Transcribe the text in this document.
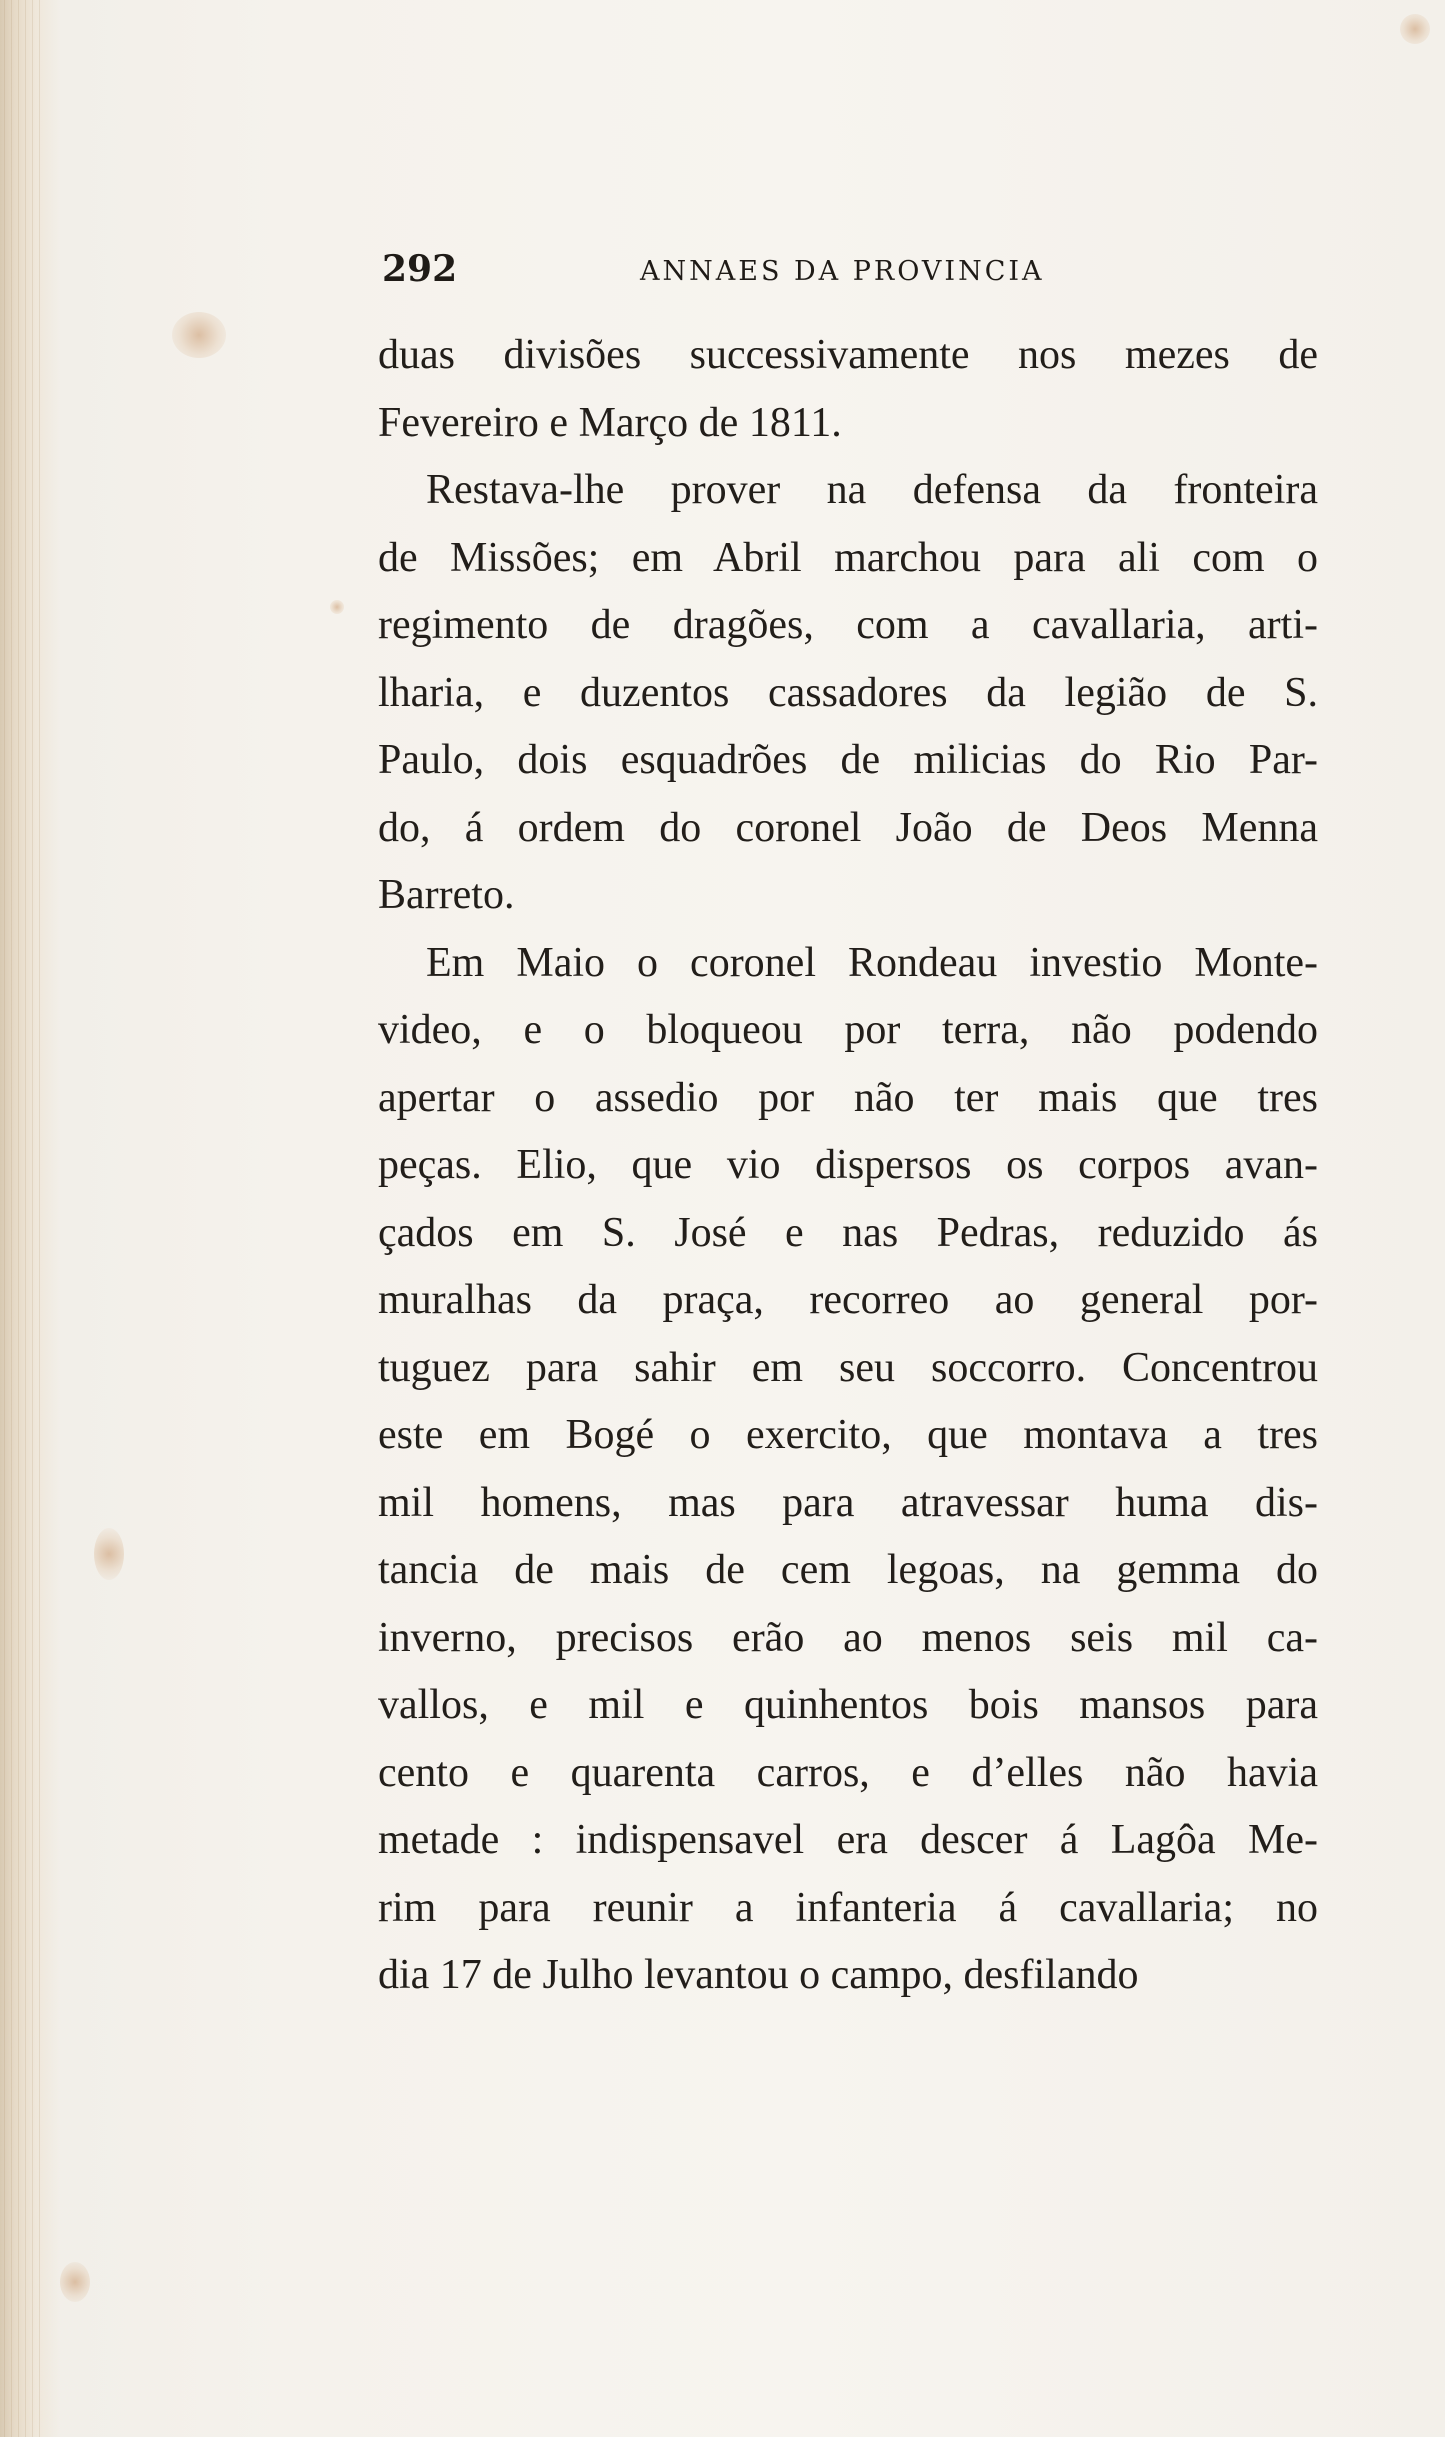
292	ANNAES DA PROVINCIA
duas divisões successivamente nos mezes de
Fevereiro e Março de 1811.
Restava-lhe prover na defensa da fronteira
de Missões; em Abril marchou para ali com o
regimento de dragões, com a cavallaria, arti-
lharia, e duzentos cassadores da legião de S.
Paulo, dois esquadrões de milicias do Rio Par-
do, á ordem do coronel João de Deos Menna
Barreto.
Em Maio o coronel Rondeau investio Monte-
video, e o bloqueou por terra, não podendo
apertar o assedio por não ter mais que tres
peças. Elio, que vio dispersos os corpos avan-
çados em S. José e nas Pedras, reduzido ás
muralhas da praça, recorreo ao general por-
tuguez para sahir em seu soccorro. Concentrou
este em Bogé o exercito, que montava a tres
mil homens, mas para atravessar huma dis-
tancia de mais de cem legoas, na gemma do
inverno, precisos erão ao menos seis mil ca-
vallos, e mil e quinhentos bois mansos para
cento e quarenta carros, e d’elles não havia
metade : indispensavel era descer á Lagôa Me-
rim para reunir a infanteria á cavallaria; no
dia 17 de Julho levantou o campo, desfilando
